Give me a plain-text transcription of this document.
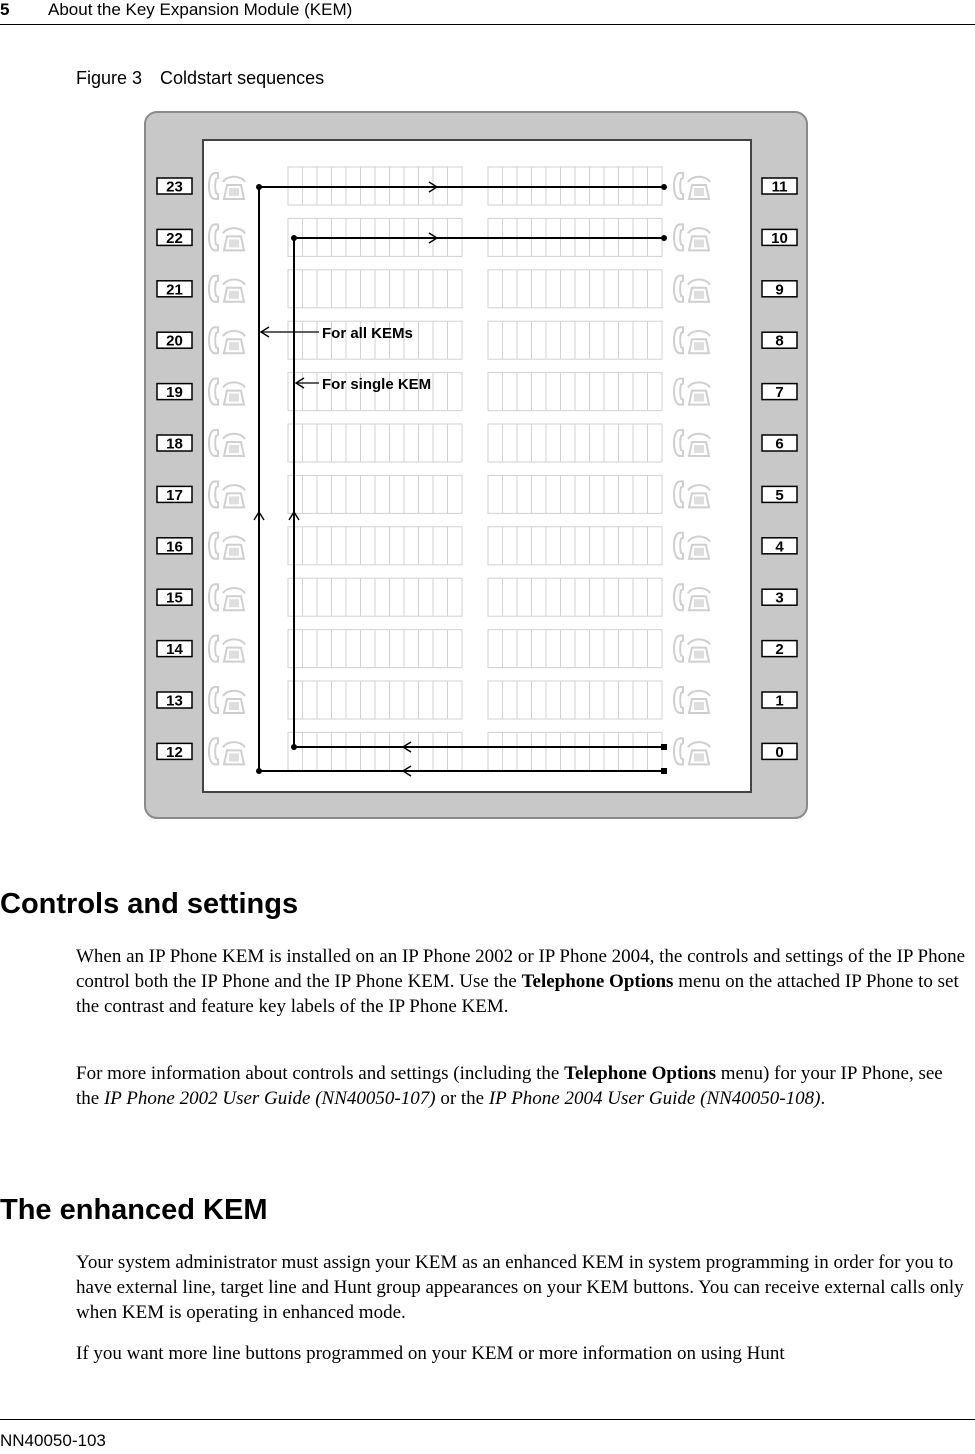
5 About the Key Expansion Module (KEM)
Figure 3 Coldstart sequences
23
22
21
20
19
18
17
16
15
14
13
12
11
10
9
8
7
6
5
4
3
2
1
0
For all KEMs
For single KEM
Controls and settings

When an IP Phone KEM is installed on an IP Phone 2002 or IP Phone 2004, the controls and settings of the IP Phone control both the IP Phone and the IP Phone KEM. Use the Telephone Options menu on the attached IP Phone to set the contrast and feature key labels of the IP Phone KEM.

For more information about controls and settings (including the Telephone Options menu) for your IP Phone, see the IP Phone 2002 User Guide (NN40050-107) or the IP Phone 2004 User Guide (NN40050-108).

The enhanced KEM

Your system administrator must assign your KEM as an enhanced KEM in system programming in order for you to have external line, target line and Hunt group appearances on your KEM buttons. You can receive external calls only when KEM is operating in enhanced mode.

If you want more line buttons programmed on your KEM or more information on using Hunt

NN40050-103
